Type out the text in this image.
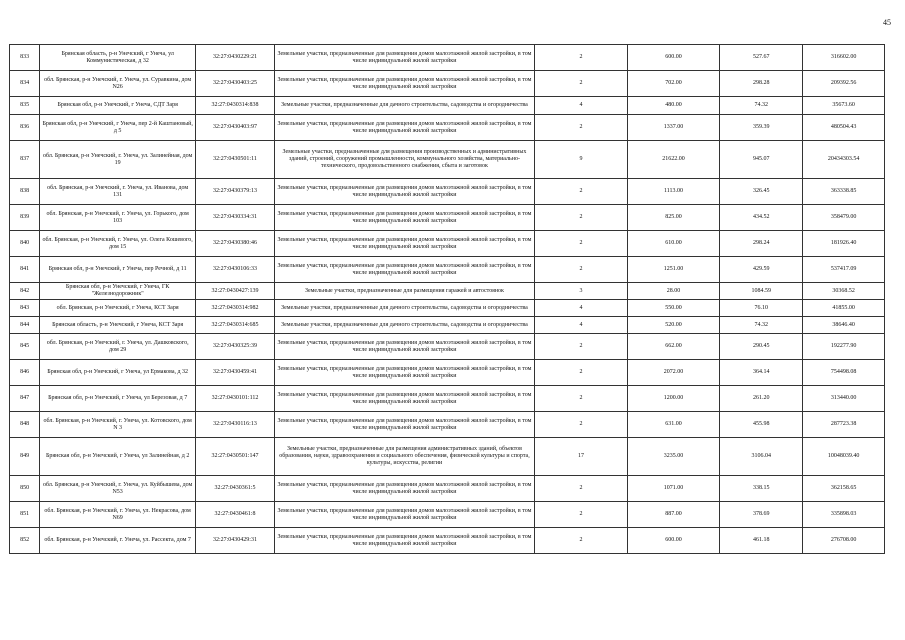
45
833	Брянская область, р-н Унечский, г Унеча, ул Коммунистическая, д 32	32:27:0430229:21	Земельные участки, предназначенные для размещения домов малоэтажной жилой застройки, в том числе индивидуальной жилой застройки	2	600.00	527.67	316602.00
834	обл. Брянская, р-н Унечский, г. Унеча, ул. Суравкина, дом N26	32:27:0430403:25	Земельные участки, предназначенные для размещения домов малоэтажной жилой застройки, в том числе индивидуальной жилой застройки	2	702.00	298.28	209392.56
835	Брянская обл, р-н Унечский, г Унеча, СДТ Заря	32:27:0430314:838	Земельные участки, предназначенные для дачного строительства, садоводства и огородничества	4	480.00	74.32	35673.60
836	Брянская обл, р-н Унечский, г Унеча, пер 2-й Каштановый, д 5	32:27:0430403:97	Земельные участки, предназначенные для размещения домов малоэтажной жилой застройки, в том числе индивидуальной жилой застройки	2	1337.00	359.39	480504.43
837	обл. Брянская, р-н Унечский, г. Унеча, ул. Залинейная, дом 19	32:27:0430501:11	Земельные участки, предназначенные для размещения производственных и административных зданий, строений, сооружений промышленности, коммунального хозяйства, материально-технического, продовольственного снабжения, сбыта и заготовок	9	21622.00	945.07	20434303.54
838	обл. Брянская, р-н Унечский, г. Унеча, ул. Иванова, дом 131	32:27:0430379:13	Земельные участки, предназначенные для размещения домов малоэтажной жилой застройки, в том числе индивидуальной жилой застройки	2	1113.00	326.45	363338.85
839	обл. Брянская, р-н Унечский, г. Унеча, ул. Горького, дом 103	32:27:0430334:31	Земельные участки, предназначенные для размещения домов малоэтажной жилой застройки, в том числе индивидуальной жилой застройки	2	825.00	434.52	358479.00
840	обл. Брянская, р-н Унечский, г. Унеча, ул. Олега Кошевого, дом 15	32:27:0430380:46	Земельные участки, предназначенные для размещения домов малоэтажной жилой застройки, в том числе индивидуальной жилой застройки	2	610.00	298.24	181926.40
841	Брянская обл, р-н Унечский, г Унеча, пер Речной, д 11	32:27:0430106:33	Земельные участки, предназначенные для размещения домов малоэтажной жилой застройки, в том числе индивидуальной жилой застройки	2	1251.00	429.59	537417.09
842	Брянская обл, р-н Унечский, г Унеча, ГК "Железнодорожник"	32:27:0430427:139	Земельные участки, предназначенные для размещения гаражей и автостоянок	3	28.00	1084.59	30368.52
843	обл. Брянская, р-н Унечский, г Унеча, КСТ Заря	32:27:0430314:982	Земельные участки, предназначенные для дачного строительства, садоводства и огородничества	4	550.00	76.10	41855.00
844	Брянская область, р-н Унечский, г Унеча, КСТ Заря	32:27:0430314:685	Земельные участки, предназначенные для дачного строительства, садоводства и огородничества	4	520.00	74.32	38646.40
845	обл. Брянская, р-н Унечский, г. Унеча, ул. Дашковского, дом 29	32:27:0430325:39	Земельные участки, предназначенные для размещения домов малоэтажной жилой застройки, в том числе индивидуальной жилой застройки	2	662.00	290.45	192277.90
846	Брянская обл, р-н Унечский, г Унеча, ул Ермакова, д 32	32:27:0430459:41	Земельные участки, предназначенные для размещения домов малоэтажной жилой застройки, в том числе индивидуальной жилой застройки	2	2072.00	364.14	754498.08
847	Брянская обл, р-н Унечский, г Унеча, ул Березовая, д 7	32:27:0430101:112	Земельные участки, предназначенные для размещения домов малоэтажной жилой застройки, в том числе индивидуальной жилой застройки	2	1200.00	261.20	313440.00
848	обл. Брянская, р-н Унечский, г. Унеча, ул. Котовского, дом N 3	32:27:0430116:13	Земельные участки, предназначенные для размещения домов малоэтажной жилой застройки, в том числе индивидуальной жилой застройки	2	631.00	455.98	287723.38
849	Брянская обл, р-н Унечский, г Унеча, ул Залинейная, д 2	32:27:0430501:147	Земельные участки, предназначенные для размещения административных зданий, объектов образования, науки, здравоохранения и социального обеспечения, физической культуры и спорта, культуры, искусства, религии	17	3235.00	3106.04	10048039.40
850	обл. Брянская, р-н Унечский, г. Унеча, ул. Куйбышева, дом N53	32:27:0430361:5	Земельные участки, предназначенные для размещения домов малоэтажной жилой застройки, в том числе индивидуальной жилой застройки	2	1071.00	338.15	362158.65
851	обл. Брянская, р-н Унечский, г. Унеча, ул. Некрасова, дом N69	32:27:0430461:8	Земельные участки, предназначенные для размещения домов малоэтажной жилой застройки, в том числе индивидуальной жилой застройки	2	887.00	378.69	335898.03
852	обл. Брянская, р-н Унечский, г. Унеча, ул. Рассекта, дом 7	32:27:0430429:31	Земельные участки, предназначенные для размещения домов малоэтажной жилой застройки, в том числе индивидуальной жилой застройки	2	600.00	461.18	276708.00
